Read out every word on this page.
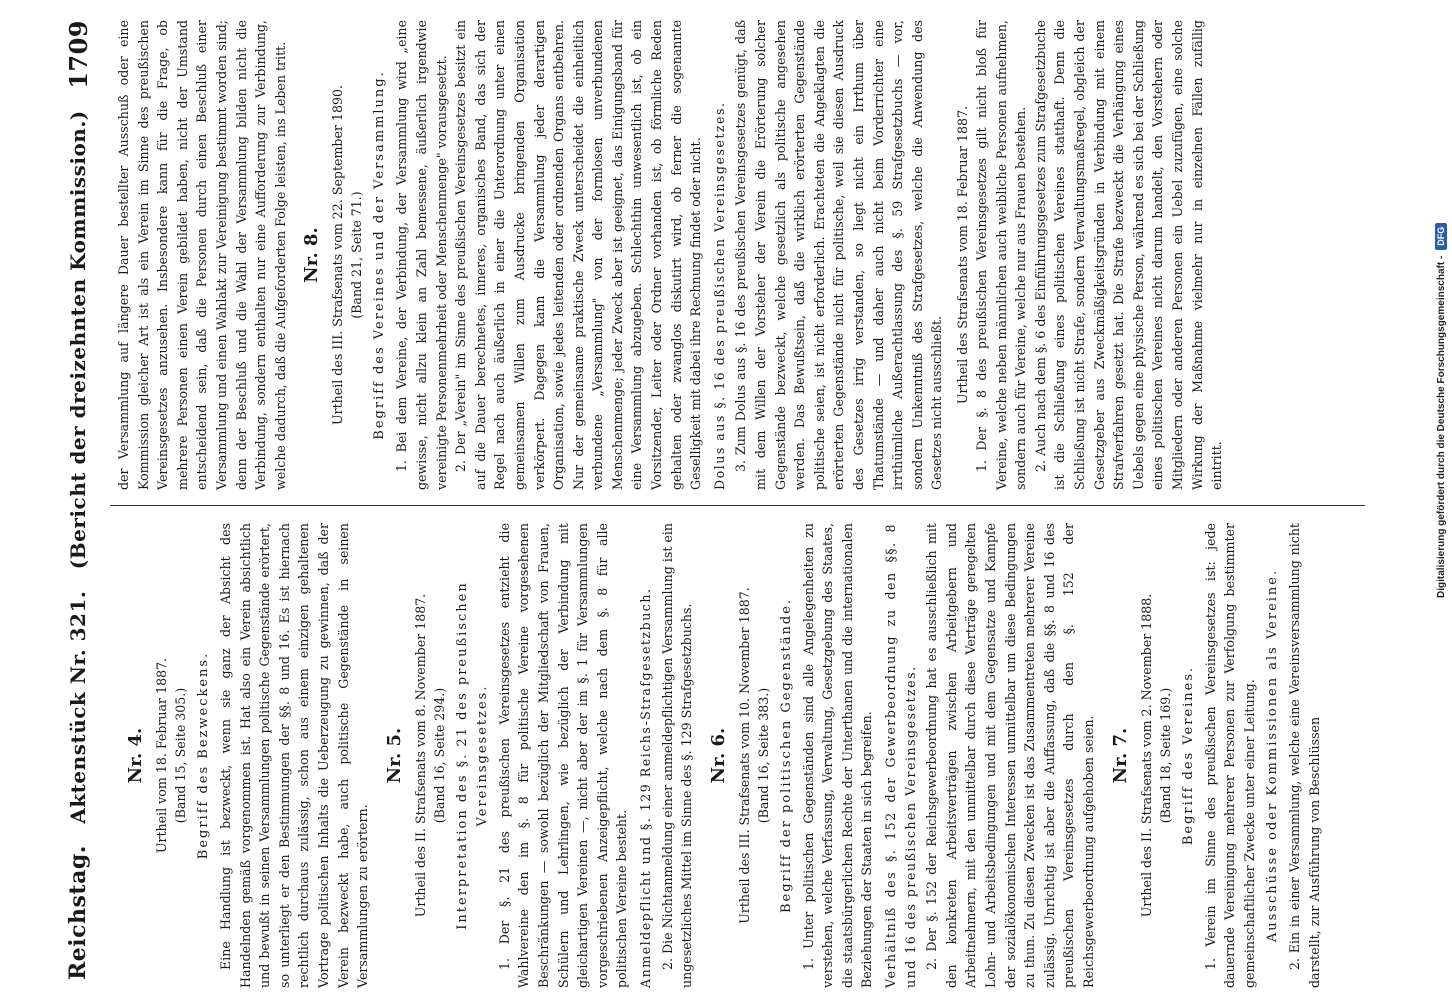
Reichstag.
Aktenstück Nr. 321.
(Bericht der dreizehnten Kommission.)
1709
Nr. 4. Urtheil vom 18. Februar 1887. (Band 15, Seite 305.) Begriff des Bezweckens. Eine Handlung ist bezweckt, wenn sie ganz der Absicht des Handelnden gemäß vorgenommen ist. Hat also ein Verein absichtlich und bewußt in seinen Versammlungen politische Gegenstände erörtert, so unterliegt er den Bestimmungen der §§. 8 und 16. Es ist hiernach rechtlich durchaus zulässig, schon aus einem einzigen gehaltenen Vortrage politischen Inhalts die Ueberzeugung zu gewinnen, daß der Verein bezweckt habe, auch politische Gegenstände in seinen Versammlungen zu erörtern.

Nr. 5. Urtheil des II. Strafsenats vom 8. November 1887. (Band 16, Seite 294.) Interpretation des §. 21 des preußischen Vereinsgesetzes. 1. Der §. 21 des preußischen Vereinsgesetzes entzieht die Wahlvereine den im §. 8 für politische Vereine vorgesehenen Beschränkungen — sowohl bezüglich der Mitgliedschaft von Frauen, Schülern und Lehrlingen, wie bezüglich der Verbindung mit gleichartigen Vereinen —, nicht aber der im §. 1 für Versammlungen vorgeschriebenen Anzeigepflicht, welche nach dem §. 8 für alle politischen Vereine besteht. Anmeldepflicht und §. 129 Reichs-Strafgesetzbuch. 2. Die Nichtanmeldung einer anmeldepflichtigen Versammlung ist ein ungesetzliches Mittel im Sinne des §. 129 Strafgesetzbuchs. Nr. 6. Urtheil des III. Strafsenats vom 10. November 1887. (Band 16, Seite 383.) Begriff der politischen Gegenstände. 1. Unter politischen Gegenständen sind alle Angelegenheiten zu verstehen, welche Verfassung, Verwaltung, Gesetzgebung des Staates, die staatsbürgerlichen Rechte der Unterthanen und die internationalen Beziehungen der Staaten in sich begreifen. Verhältniß des §. 152 der Gewerbeordnung zu den §§. 8 und 16 des preußischen Vereinsgesetzes. 2. Der §. 152 der Reichsgewerbeordnung hat es ausschließlich mit den konkreten Arbeitsverträgen zwischen Arbeitgebern und Arbeitnehmern, mit den unmittelbar durch diese Verträge geregelten Lohn- und Arbeitsbedingungen und mit dem Gegensatze und Kampfe der sozialökonomischen Interessen unmittelbar um diese Bedingungen zu thun. Zu diesen Zwecken ist das Zusammentreten mehrerer Vereine zulässig. Unrichtig ist aber die Auffassung, daß die §§. 8 und 16 des preußischen Vereinsgesetzes durch den §. 152 der Reichsgewerbeordnung aufgehoben seien. Nr. 7. Urtheil des II. Strafsenats vom 2. November 1888. (Band 18, Seite 169.) Begriff des Vereines. 1. Verein im Sinne des preußischen Vereinsgesetzes ist: jede dauernde Vereinigung mehrerer Personen zur Verfolgung bestimmter gemeinschaftlicher Zwecke unter einer Leitung. Ausschüsse oder Kommissionen als Vereine. 2. Ein in einer Versammlung, welche eine Vereinsversammlung nicht darstellt, zur Ausführung von Beschlüssen

der Versammlung auf längere Dauer bestellter Ausschuß oder eine Kommission gleicher Art ist als ein Verein im Sinne des preußischen Vereinsgesetzes anzusehen. Insbesondere kann für die Frage, ob mehrere Personen einen Verein gebildet haben, nicht der Umstand entscheidend sein, daß die Personen durch einen Beschluß einer Versammlung und einen Wahlakt zur Vereinigung bestimmt worden sind; denn der Beschluß und die Wahl der Versammlung bilden nicht die Verbindung, sondern enthalten nur eine Aufforderung zur Verbindung, welche dadurch, daß die Aufgeforderten Folge leisten, ins Leben tritt. Nr. 8. Urtheil des III. Strafsenats vom 22. September 1890. (Band 21, Seite 71.) Begriff des Vereines und der Versammlung. 1. Bei dem Vereine, der Verbindung, der Versammlung wird „eine gewisse, nicht allzu klein an Zahl bemessene, äußerlich irgendwie vereinigte Personenmehrheit oder Menschenmenge" vorausgesetzt. 2. Der „Verein" im Sinne des preußischen Vereinsgesetzes besitzt ein auf die Dauer berechnetes, inneres, organisches Band, das sich der Regel nach auch äußerlich in einer die Unterordnung unter einen gemeinsamen Willen zum Ausdrucke bringenden Organisation verkörpert. Dagegen kann die Versammlung jeder derartigen Organisation, sowie jedes leitenden oder ordnenden Organs entbehren. Nur der gemeinsame praktische Zweck unterscheidet die einheitlich verbundene „Versammlung" von der formlosen unverbundenen Menschenmenge; jeder Zweck aber ist geeignet, das Einigungsband für eine Versammlung abzugeben. Schlechthin unwesentlich ist, ob ein Vorsitzender, Leiter oder Ordner vorhanden ist, ob förmliche Reden gehalten oder zwanglos diskutirt wird, ob ferner die sogenannte Geselligkeit mit dabei ihre Rechnung findet oder nicht. Dolus aus §. 16 des preußischen Vereinsgesetzes. 3. Zum Dolus aus §. 16 des preußischen Vereinsgesetzes genügt, daß mit dem Willen der Vorsteher der Verein die Erörterung solcher Gegenstände bezweckt, welche gesetzlich als politische angesehen werden. Das Bewußtsein, daß die wirklich erörterten Gegenstände politische seien, ist nicht erforderlich. Erachteten die Angeklagten die erörterten Gegenstände nicht für politische, weil sie diesen Ausdruck des Gesetzes irrig verstanden, so liegt nicht ein Irrthum über Thatumstände — und daher auch nicht beim Vorderrichter eine irrthümliche Außerachtlassung des §. 59 Strafgesetzbuchs — vor, sondern Unkenntniß des Strafgesetzes, welche die Anwendung des Gesetzes nicht ausschließt. Urtheil des Strafsenats vom 18. Februar 1887. 1. Der §. 8 des preußischen Vereinsgesetzes gilt nicht bloß für Vereine, welche neben männlichen auch weibliche Personen aufnehmen, sondern auch für Vereine, welche nur aus Frauen bestehen. 2. Auch nach dem §. 6 des Einführungsgesetzes zum Strafgesetzbuche ist die Schließung eines politischen Vereines statthaft. Denn die Schließung ist nicht Strafe, sondern Verwaltungsmaßregel, obgleich der Gesetzgeber aus Zweckmäßigkeitsgründen in Verbindung mit einem Strafverfahren gesetzt hat. Die Strafe bezweckt die Verhängung eines Uebels gegen eine physische Person, während es sich bei der Schließung eines politischen Vereines nicht darum handelt, den Vorstehern oder Mitgliedern oder anderen Personen ein Uebel zuzufügen, eine solche Wirkung der Maßnahme vielmehr nur in einzelnen Fällen zufällig eintritt.	Digitalisierung gefördert durch die Deutsche Forschungsgemeinschaft -
DFG
